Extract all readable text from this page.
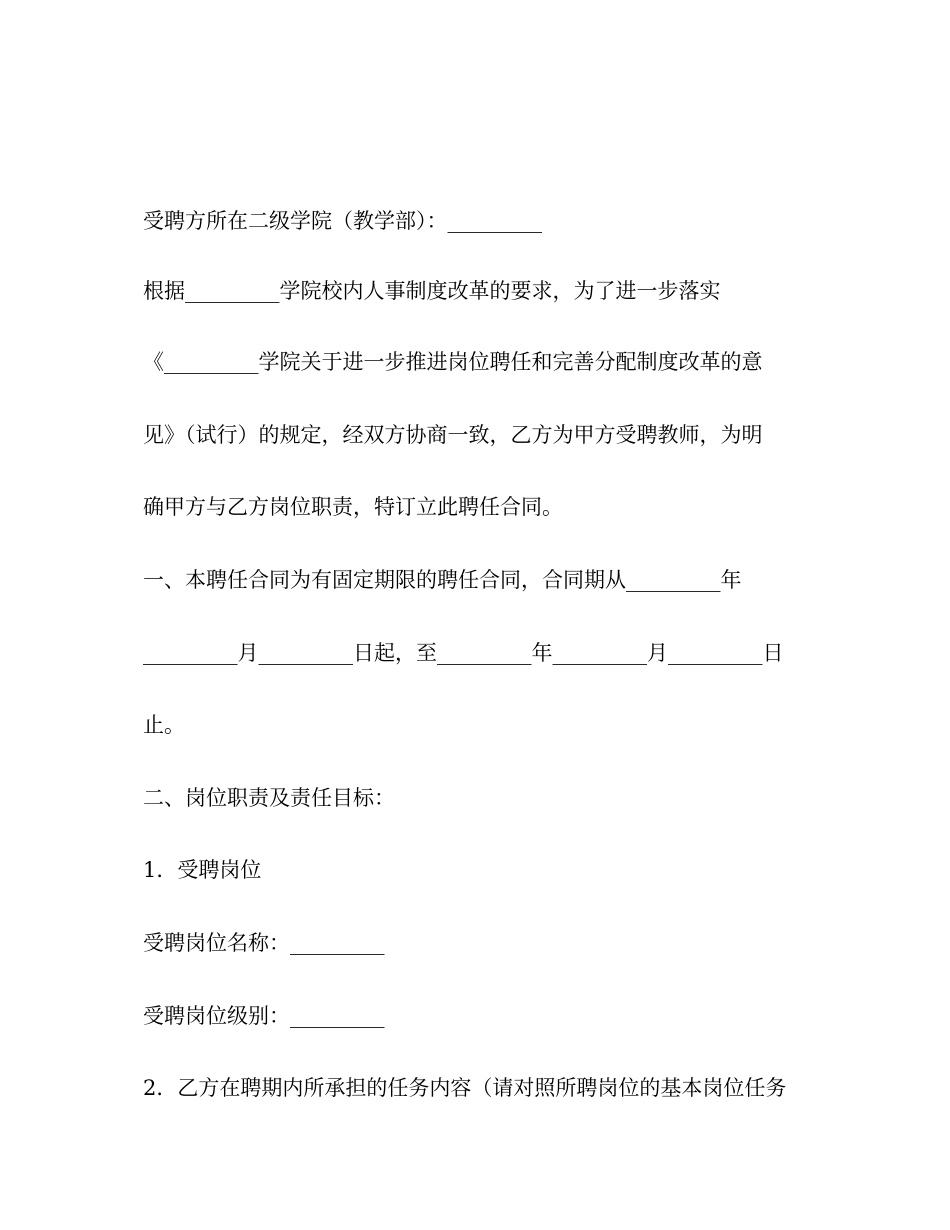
受聘方所在二级学院（教学部）：_________
根据_________学院校内人事制度改革的要求，为了进一步落实
《_________学院关于进一步推进岗位聘任和完善分配制度改革的意
见》（试行）的规定，经双方协商一致，乙方为甲方受聘教师，为明
确甲方与乙方岗位职责，特订立此聘任合同。
一、本聘任合同为有固定期限的聘任合同，合同期从_________年
_________月_________日起，至_________年_________月_________日
止。
二、岗位职责及责任目标：
1．受聘岗位
受聘岗位名称：_________
受聘岗位级别：_________
2．乙方在聘期内所承担的任务内容（请对照所聘岗位的基本岗位任务
